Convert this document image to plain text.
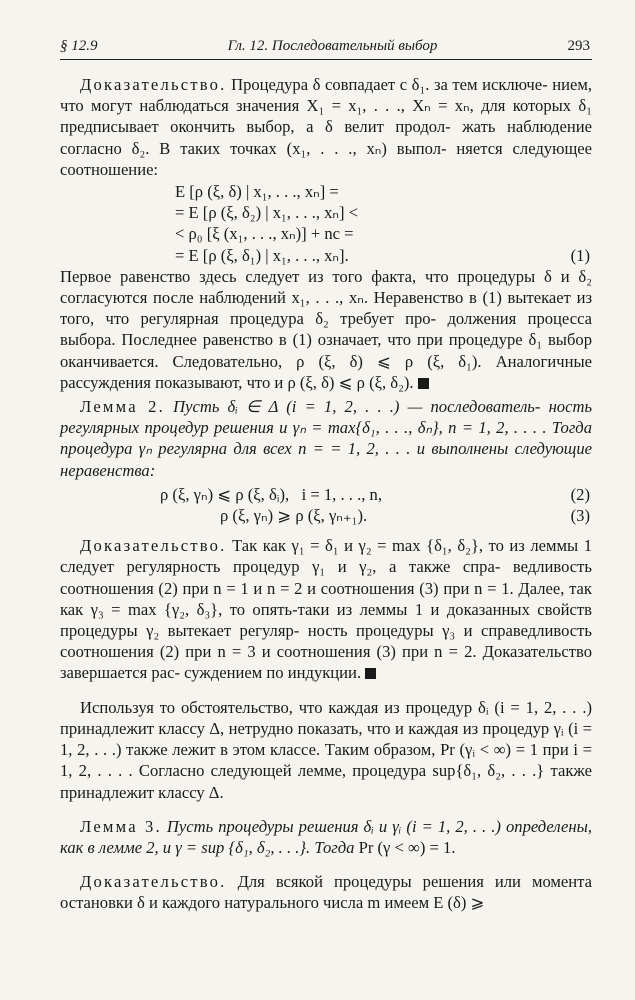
§ 12.9	Гл. 12. Последовательный выбор	293

Доказательство. Процедура δ совпадает с δ₁. за тем исключе- нием, что могут наблюдаться значения X₁ = x₁, . . ., Xₙ = xₙ, для которых δ₁ предписывает окончить выбор, а δ велит продол- жать наблюдение согласно δ₂. В таких точках (x₁, . . ., xₙ) выпол- няется следующее соотношение:

E [ρ (ξ, δ) | x₁, . . ., xₙ] =
= E [ρ (ξ, δ₂) | x₁, . . ., xₙ] <
< ρ₀ [ξ (x₁, . . ., xₙ)] + nc =
= E [ρ (ξ, δ₁) | x₁, . . ., xₙ].	(1)

Первое равенство здесь следует из того факта, что процедуры δ и δ₂ согласуются после наблюдений x₁, . . ., xₙ. Неравенство в (1) вытекает из того, что регулярная процедура δ₂ требует про- должения процесса выбора. Последнее равенство в (1) означает, что при процедуре δ₁ выбор оканчивается. Следовательно, ρ (ξ, δ) ⩽ ρ (ξ, δ₁). Аналогичные рассуждения показывают, что и ρ (ξ, δ) ⩽ ρ (ξ, δ₂).

Лемма 2. Пусть δᵢ ∈ Δ (i = 1, 2, . . .) — последователь- ность регулярных процедур решения и γₙ = max{δ₁, . . ., δₙ}, n = 1, 2, . . . . Тогда процедура γₙ регулярна для всех n = = 1, 2, . . . и выполнены следующие неравенства:

ρ (ξ, γₙ) ⩽ ρ (ξ, δᵢ),   i = 1, . . ., n,	(2)
ρ (ξ, γₙ) ⩾ ρ (ξ, γₙ₊₁).	(3)

Доказательство. Так как γ₁ = δ₁ и γ₂ = max {δ₁, δ₂}, то из леммы 1 следует регулярность процедур γ₁ и γ₂, а также спра- ведливость соотношения (2) при n = 1 и n = 2 и соотношения (3) при n = 1. Далее, так как γ₃ = max {γ₂, δ₃}, то опять-таки из леммы 1 и доказанных свойств процедуры γ₂ вытекает регуляр- ность процедуры γ₃ и справедливость соотношения (2) при n = 3 и соотношения (3) при n = 2. Доказательство завершается рас- суждением по индукции.

Используя то обстоятельство, что каждая из процедур δᵢ (i = 1, 2, . . .) принадлежит классу Δ, нетрудно показать, что и каждая из процедур γᵢ (i = 1, 2, . . .) также лежит в этом классе. Таким образом, Pr (γᵢ < ∞) = 1 при i = 1, 2, . . . . Согласно следующей лемме, процедура sup{δ₁, δ₂, . . .} также принадлежит классу Δ.

Лемма 3. Пусть процедуры решения δᵢ и γᵢ (i = 1, 2, . . .) определены, как в лемме 2, и γ = sup {δ₁, δ₂, . . .}. Тогда Pr (γ < ∞) = 1.

Доказательство. Для всякой процедуры решения или момента остановки δ и каждого натурального числа m имеем E (δ) ⩾
